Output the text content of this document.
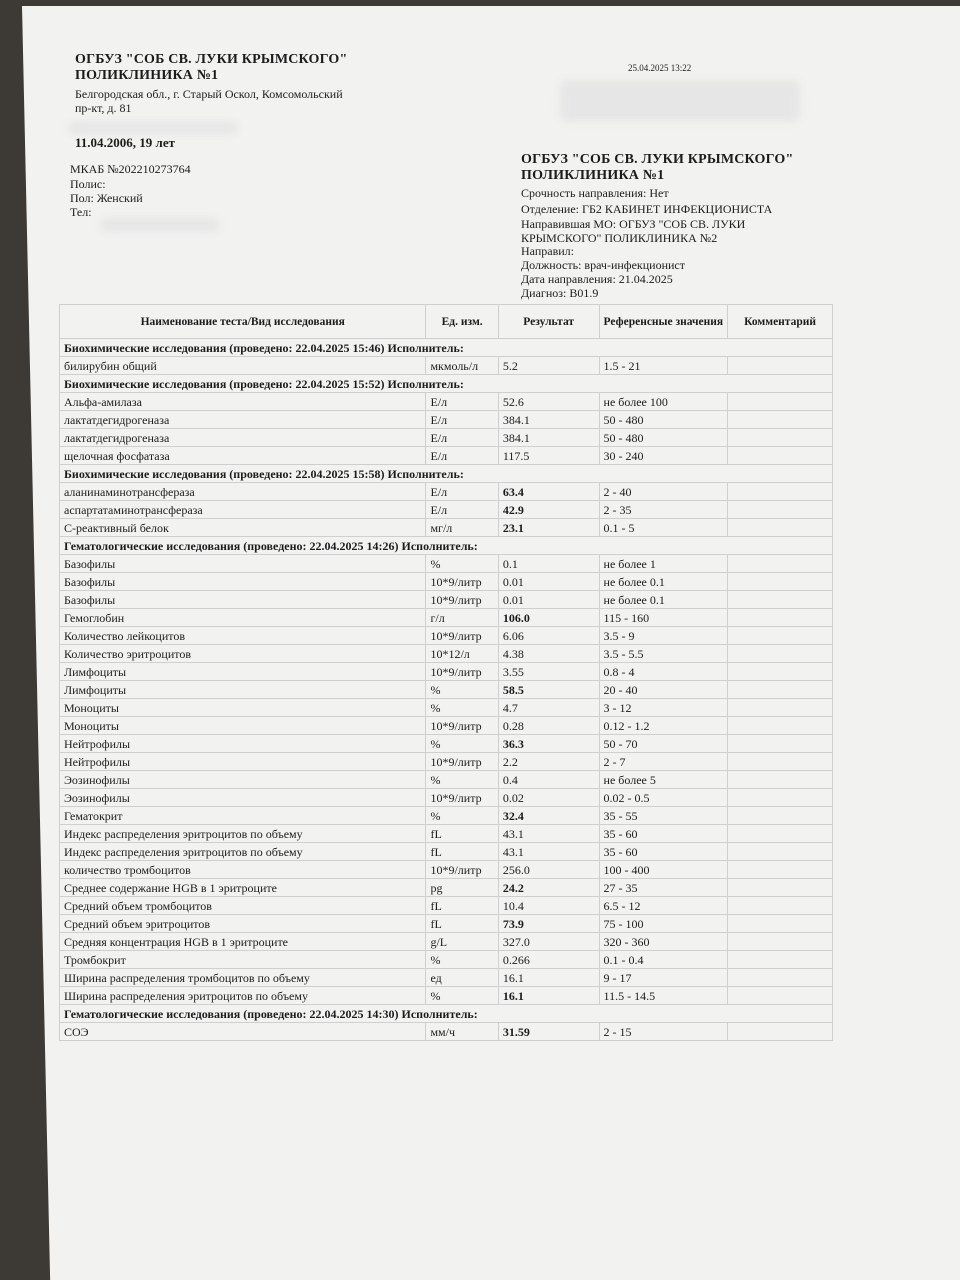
ОГБУЗ "СОБ СВ. ЛУКИ КРЫМСКОГО"
ПОЛИКЛИНИКА №1
Белгородская обл., г. Старый Оскол, Комсомольский
пр-кт, д. 81
25.04.2025 13:22
11.04.2006, 19 лет
МКАБ №202210273764
Полис:
Пол: Женский
Тел:
ОГБУЗ "СОБ СВ. ЛУКИ КРЫМСКОГО"
ПОЛИКЛИНИКА №1
Срочность направления: Нет
Отделение: ГБ2 КАБИНЕТ ИНФЕКЦИОНИСТА
Направившая МО: ОГБУЗ "СОБ СВ. ЛУКИ
КРЫМСКОГО" ПОЛИКЛИНИКА №2
Направил:
Должность: врач-инфекционист
Дата направления: 21.04.2025
Диагноз: B01.9
Наименование теста/Вид исследования	Ед. изм.	Результат	Референсные значения	Комментарий
Биохимические исследования (проведено: 22.04.2025 15:46) Исполнитель:				
билирубин общий	мкмоль/л	5.2	1.5 - 21	
Биохимические исследования (проведено: 22.04.2025 15:52) Исполнитель:				
Альфа-амилаза	Е/л	52.6	не более 100	
лактатдегидрогеназа	Е/л	384.1	50 - 480	
лактатдегидрогеназа	Е/л	384.1	50 - 480	
щелочная фосфатаза	Е/л	117.5	30 - 240	
Биохимические исследования (проведено: 22.04.2025 15:58) Исполнитель:				
аланинаминотрансфераза	Е/л	63.4	2 - 40	
аспартатаминотрансфераза	Е/л	42.9	2 - 35	
С-реактивный белок	мг/л	23.1	0.1 - 5	
Гематологические исследования (проведено: 22.04.2025 14:26) Исполнитель:				
Базофилы	%	0.1	не более 1	
Базофилы	10*9/литр	0.01	не более 0.1	
Базофилы	10*9/литр	0.01	не более 0.1	
Гемоглобин	г/л	106.0	115 - 160	
Количество лейкоцитов	10*9/литр	6.06	3.5 - 9	
Количество эритроцитов	10*12/л	4.38	3.5 - 5.5	
Лимфоциты	10*9/литр	3.55	0.8 - 4	
Лимфоциты	%	58.5	20 - 40	
Моноциты	%	4.7	3 - 12	
Моноциты	10*9/литр	0.28	0.12 - 1.2	
Нейтрофилы	%	36.3	50 - 70	
Нейтрофилы	10*9/литр	2.2	2 - 7	
Эозинофилы	%	0.4	не более 5	
Эозинофилы	10*9/литр	0.02	0.02 - 0.5	
Гематокрит	%	32.4	35 - 55	
Индекс распределения эритроцитов по объему	fL	43.1	35 - 60	
Индекс распределения эритроцитов по объему	fL	43.1	35 - 60	
количество тромбоцитов	10*9/литр	256.0	100 - 400	
Среднее содержание HGB в 1 эритроците	pg	24.2	27 - 35	
Средний объем тромбоцитов	fL	10.4	6.5 - 12	
Средний объем эритроцитов	fL	73.9	75 - 100	
Средняя концентрация HGB в 1 эритроците	g/L	327.0	320 - 360	
Тромбокрит	%	0.266	0.1 - 0.4	
Ширина распределения тромбоцитов по объему	ед	16.1	9 - 17	
Ширина распределения эритроцитов по объему	%	16.1	11.5 - 14.5	
Гематологические исследования (проведено: 22.04.2025 14:30) Исполнитель:				
СОЭ	мм/ч	31.59	2 - 15	
